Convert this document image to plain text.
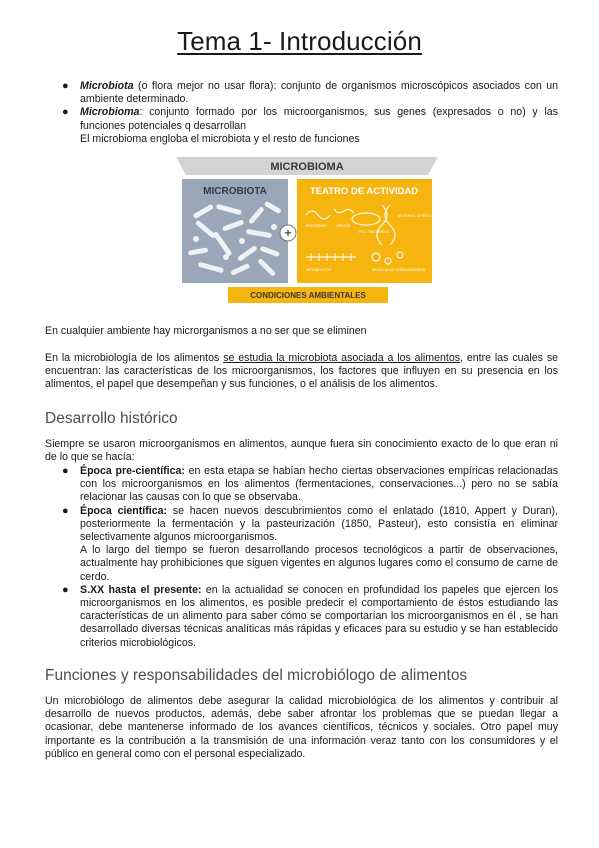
Tema 1- Introducción
● Microbiota (o flora mejor no usar flora): conjunto de organismos microscópicos asociados con un ambiente determinado.
● Microbioma: conjunto formado por los microorganismos, sus genes (expresados o no) y las funciones potenciales q desarrollan
El microbioma engloba el microbiota y el resto de funciones
MICROBIOMA
MICROBIOTA
+
TEATRO DE ACTIVIDAD
PROTEÍNAS	LÍPIDOS
POLI- SACÁRIDOS
MATERIAL GENÉTICO (ADN, ARN)
METABOLITOS	MOLÉCULAS SEÑALIZADORAS
CONDICIONES AMBIENTALES
En cualquier ambiente hay microrganismos a no ser que se eliminen
En la microbiología de los alimentos se estudia la microbiota asociada a los alimentos, entre las cuales se encuentran: las características de los microorganismos, los factores que influyen en su presencia en los alimentos, el papel que desempeñan y sus funciones, o el análisis de los alimentos.
Desarrollo histórico
Siempre se usaron microorganismos en alimentos, aunque fuera sin conocimiento exacto de lo que eran ni de lo que se hacía:
● Época pre-científica: en esta etapa se habían hecho ciertas observaciones empíricas relacionadas con los microorganismos en los alimentos (fermentaciones, conservaciones...) pero no se sabía relacionar las causas con lo que se observaba.
● Época científica: se hacen nuevos descubrimientos como el enlatado (1810, Appert y Duran), posteriormente la fermentación y la pasteurización (1850, Pasteur), esto consistía en eliminar selectivamente algunos microorganismos.
A lo largo del tiempo se fueron desarrollando procesos tecnológicos a partir de observaciones, actualmente hay prohibiciones que siguen vigentes en algunos lugares como el consumo de carne de cerdo.
● S.XX hasta el presente: en la actualidad se conocen en profundidad los papeles que ejercen los microorganismos en los alimentos, es posible predecir el comportamiento de éstos estudiando las características de un alimento para saber cómo se comportarían los microorganismos en él , se han desarrollado diversas técnicas analíticas más rápidas y eficaces para su estudio y se han establecido criterios microbiológicos.
Funciones y responsabilidades del microbiólogo de alimentos
Un microbiólogo de alimentos debe asegurar la calidad microbiológica de los alimentos y contribuir al desarrollo de nuevos productos, además, debe saber afrontar los problemas que se puedan llegar a ocasionar, debe mantenerse informado de los avances científicos, técnicos y sociales. Otro papel muy importante es la contribución a la transmisión de una información veraz tanto con los consumidores y el público en general como con el personal especializado.
